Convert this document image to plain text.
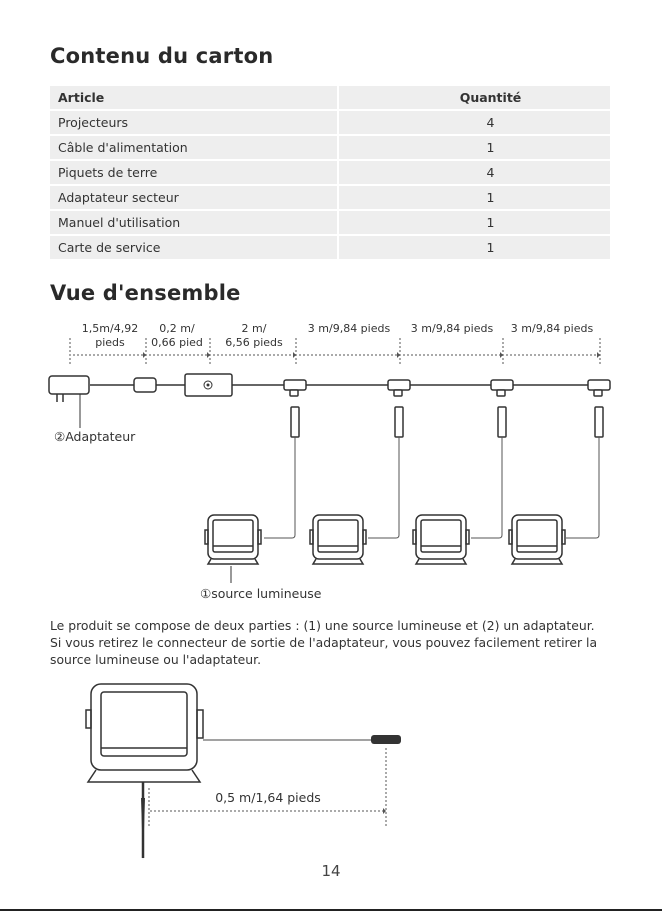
Contenu du carton
Article	Quantité
Projecteurs	4
Câble d'alimentation	1
Piquets de terre	4
Adaptateur secteur	1
Manuel d'utilisation	1
Carte de service	1
Vue d'ensemble
1,5m/4,92
pieds
0,2 m/
0,66 pied
2 m/
6,56 pieds
3 m/9,84 pieds 3 m/9,84 pieds 3 m/9,84 pieds
②Adaptateur
①source lumineuse
Le produit se compose de deux parties : (1) une source lumineuse et (2) un adaptateur.
Si vous retirez le connecteur de sortie de l'adaptateur, vous pouvez facilement retirer la
source lumineuse ou l'adaptateur.
0,5 m/1,64 pieds
14
